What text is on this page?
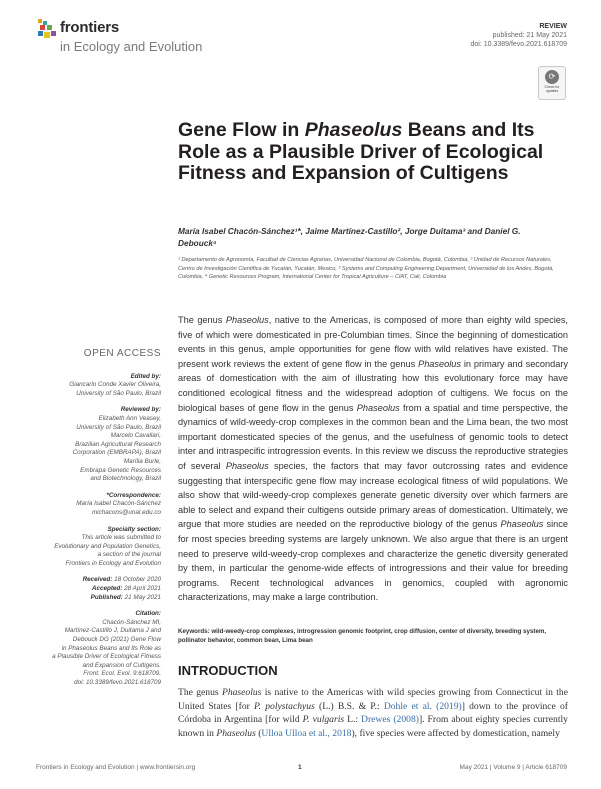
frontiers
in Ecology and Evolution
REVIEW
published: 21 May 2021
doi: 10.3389/fevo.2021.618709
⟳
Check for updates
Gene Flow in Phaseolus Beans and Its Role as a Plausible Driver of Ecological Fitness and Expansion of Cultigens
María Isabel Chacón-Sánchez¹*, Jaime Martínez-Castillo², Jorge Duitama³ and Daniel G. Debouck⁴
¹ Departamento de Agronomía, Facultad de Ciencias Agrarias, Universidad Nacional de Colombia, Bogotá, Colombia, ² Unidad de Recursos Naturales, Centro de Investigación Científica de Yucatán, Yucatán, Mexico, ³ Systems and Computing Engineering Department, Universidad de los Andes, Bogotá, Colombia, ⁴ Genetic Resources Program, International Center for Tropical Agriculture – CIAT, Cali, Colombia
The genus Phaseolus, native to the Americas, is composed of more than eighty wild species, five of which were domesticated in pre-Columbian times. Since the beginning of domestication events in this genus, ample opportunities for gene flow with wild relatives have existed. The present work reviews the extent of gene flow in the genus Phaseolus in primary and secondary areas of domestication with the aim of illustrating how this evolutionary force may have conditioned ecological fitness and the widespread adoption of cultigens. We focus on the biological bases of gene flow in the genus Phaseolus from a spatial and time perspective, the dynamics of wild-weedy-crop complexes in the common bean and the Lima bean, the two most important domesticated species of the genus, and the usefulness of genomic tools to detect inter and intraspecific introgression events. In this review we discuss the reproductive strategies of several Phaseolus species, the factors that may favor outcrossing rates and evidence suggesting that interspecific gene flow may increase ecological fitness of wild populations. We also show that wild-weedy-crop complexes generate genetic diversity over which farmers are able to select and expand their cultigens outside primary areas of domestication. Ultimately, we argue that more studies are needed on the reproductive biology of the genus Phaseolus since for most species breeding systems are largely unknown. We also argue that there is an urgent need to preserve wild-weedy-crop complexes and characterize the genetic diversity generated by them, in particular the genome-wide effects of introgressions and their value for breeding programs. Recent technological advances in genomics, coupled with agronomic characterizations, may make a large contribution.
Keywords: wild-weedy-crop complexes, introgression genomic footprint, crop diffusion, center of diversity, breeding system, pollinator behavior, common bean, Lima bean
INTRODUCTION
The genus Phaseolus is native to the Americas with wild species growing from Connecticut in the United States [for P. polystachyus (L.) B.S. & P.: Dohle et al. (2019)] down to the province of Córdoba in Argentina [for wild P. vulgaris L.: Drewes (2008)]. From about eighty species currently known in Phaseolus (Ulloa Ulloa et al., 2018), five species were affected by domestication, namely
OPEN ACCESS
Edited by:
Giancarlo Conde Xavier Oliveira,
University of São Paulo, Brazil
Reviewed by:
Elizabeth Ann Veasey,
University of São Paulo, Brazil
Marcelo Cavallari,
Brazilian Agricultural Research
Corporation (EMBRAPA), Brazil
Marília Burle,
Embrapa Genetic Resources
and Biotechnology, Brazil
*Correspondence:
María Isabel Chacón-Sánchez
michacons@unal.edu.co
Specialty section:
This article was submitted to
Evolutionary and Population Genetics,
a section of the journal
Frontiers in Ecology and Evolution
Received: 18 October 2020
Accepted: 28 April 2021
Published: 21 May 2021
Citation:
Chacón-Sánchez MI,
Martínez-Castillo J, Duitama J and
Debouck DG (2021) Gene Flow
in Phaseolus Beans and Its Role as
a Plausible Driver of Ecological Fitness
and Expansion of Cultigens.
Front. Ecol. Evol. 9:618709.
doi: 10.3389/fevo.2021.618709
Frontiers in Ecology and Evolution | www.frontiersin.org	1	May 2021 | Volume 9 | Article 618709
